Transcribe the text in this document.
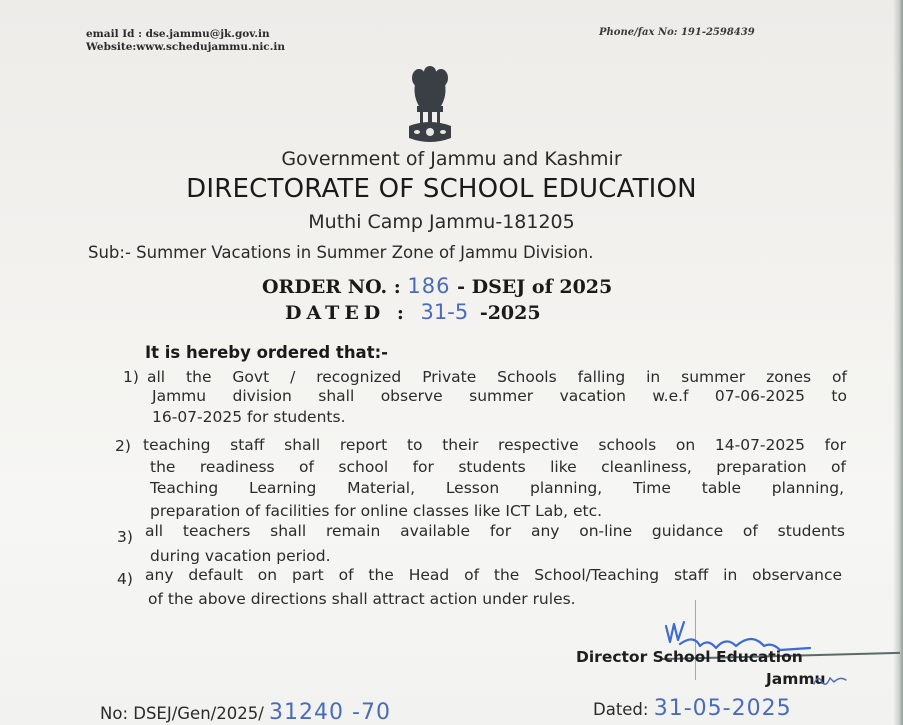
email Id : dse.jammu@jk.gov.in
Website:www.schedujammu.nic.in
Phone/fax No: 191-2598439
Government of Jammu and Kashmir
DIRECTORATE OF SCHOOL EDUCATION
Muthi Camp Jammu-181205
Sub:- Summer Vacations in Summer Zone of Jammu Division.
ORDER NO. : 186 - DSEJ of 2025
DATED : 31-5 -2025
It is hereby ordered that:-
1) all the Govt / recognized Private Schools falling in summer zones of
Jammu division shall observe summer vacation w.e.f 07-06-2025 to
16-07-2025 for students.
2) teaching staff shall report to their respective schools on 14-07-2025 for
the readiness of school for students like cleanliness, preparation of
Teaching Learning Material, Lesson planning, Time table planning,
preparation of facilities for online classes like ICT Lab, etc.
3) all teachers shall remain available for any on-line guidance of students
during vacation period.
4) any default on part of the Head of the School/Teaching staff in observance
of the above directions shall attract action under rules.
Director School Education
Jammu
No: DSEJ/Gen/2025/ 31240 -70	Dated: 31-05-2025
